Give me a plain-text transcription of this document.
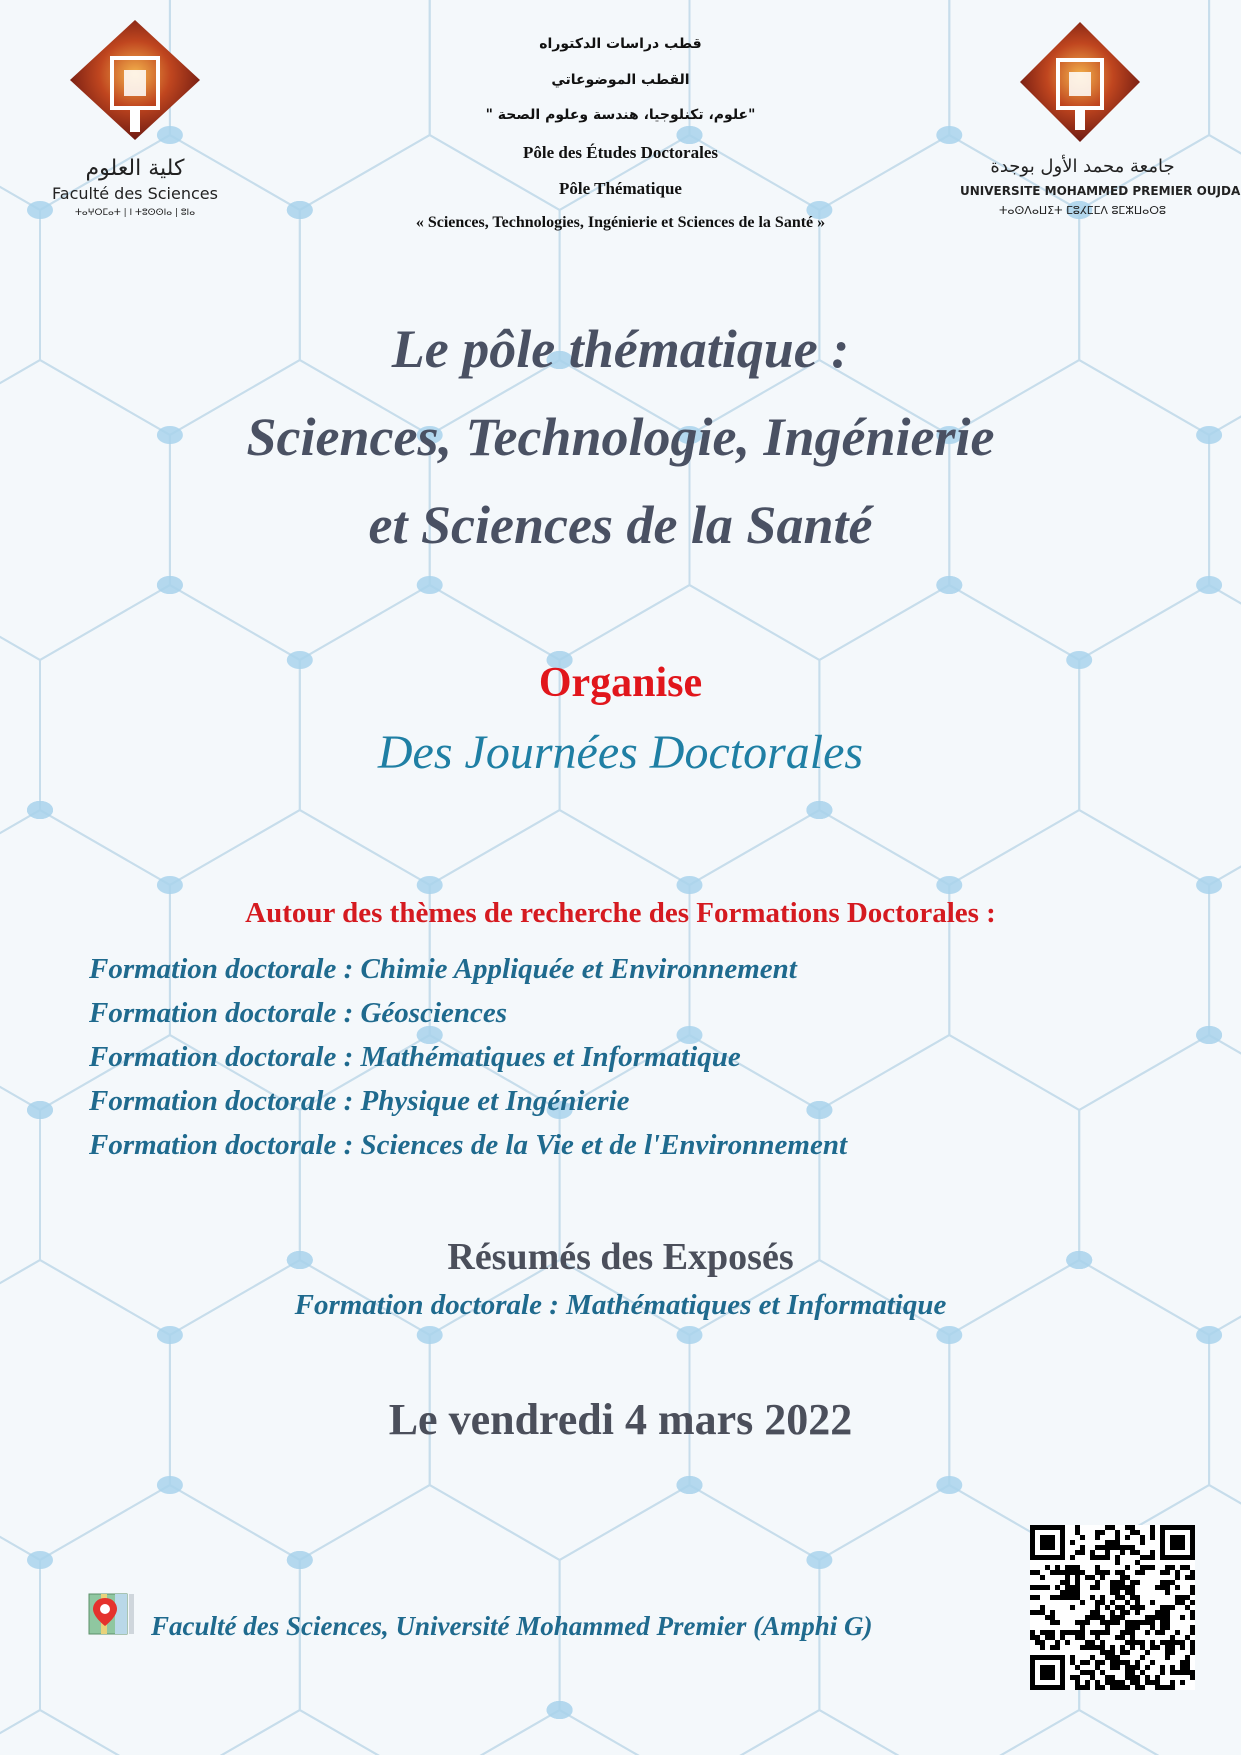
كلية العلوم
Faculté des Sciences
ⵜⴰⵖⵔⵎⴰⵜ | ⵏ ⵜⵓⵙⵙⵏⴰ | ⵓⵏⴰ
جامعة محمد الأول بوجدة
UNIVERSITE MOHAMMED PREMIER OUJDA
ⵜⴰⵙⴷⴰⵡⵉⵜ ⵎⵓⵃⵎⵎⴷ ⵓⵎⵣⵡⴰⵔⵓ
قطب دراسات الدكتوراه
القطب الموضوعاتي
"علوم، تكنلوجيا، هندسة وعلوم الصحة "
Pôle des Études Doctorales
Pôle Thématique
« Sciences, Technologies, Ingénierie et Sciences de la Santé »
Le pôle thématique :
Sciences, Technologie, Ingénierie
et Sciences de la Santé
Organise
Des Journées Doctorales
Autour des thèmes de recherche des Formations Doctorales :
Formation doctorale : Chimie Appliquée et Environnement
Formation doctorale : Géosciences
Formation doctorale : Mathématiques et Informatique
Formation doctorale : Physique et Ingénierie
Formation doctorale : Sciences de la Vie et de l'Environnement
Résumés des Exposés
Formation doctorale : Mathématiques et Informatique
Le vendredi 4 mars 2022
Faculté des Sciences, Université Mohammed Premier (Amphi G)
